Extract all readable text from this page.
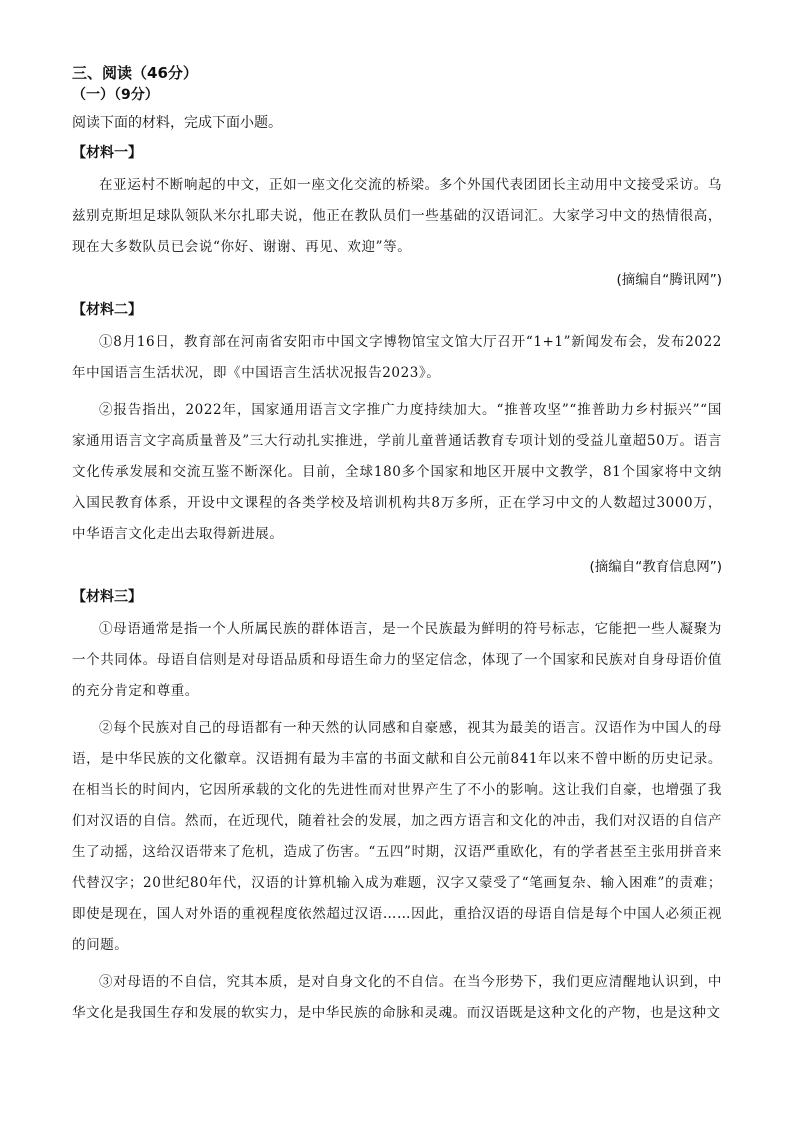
三、阅读（46分）

（一）（9分）

阅读下面的材料，完成下面小题。

【材料一】

在亚运村不断响起的中文，正如一座文化交流的桥梁。多个外国代表团团长主动用中文接受采访。乌兹别克斯坦足球队领队米尔扎耶夫说，他正在教队员们一些基础的汉语词汇。大家学习中文的热情很高，现在大多数队员已会说“你好、谢谢、再见、欢迎”等。

(摘编自“腾讯网”)

【材料二】

①8月16日，教育部在河南省安阳市中国文字博物馆宝文馆大厅召开“1+1”新闻发布会，发布2022年中国语言生活状况，即《中国语言生活状况报告2023》。

②报告指出，2022年，国家通用语言文字推广力度持续加大。“推普攻坚”“推普助力乡村振兴”“国家通用语言文字高质量普及”三大行动扎实推进，学前儿童普通话教育专项计划的受益儿童超50万。语言文化传承发展和交流互鉴不断深化。目前，全球180多个国家和地区开展中文教学，81个国家将中文纳入国民教育体系，开设中文课程的各类学校及培训机构共8万多所，正在学习中文的人数超过3000万，中华语言文化走出去取得新进展。

(摘编自“教育信息网”)

【材料三】

①母语通常是指一个人所属民族的群体语言，是一个民族最为鲜明的符号标志，它能把一些人凝聚为一个共同体。母语自信则是对母语品质和母语生命力的坚定信念，体现了一个国家和民族对自身母语价值的充分肯定和尊重。

②每个民族对自己的母语都有一种天然的认同感和自豪感，视其为最美的语言。汉语作为中国人的母语，是中华民族的文化徽章。汉语拥有最为丰富的书面文献和自公元前841年以来不曾中断的历史记录。在相当长的时间内，它因所承载的文化的先进性而对世界产生了不小的影响。这让我们自豪，也增强了我们对汉语的自信。然而，在近现代，随着社会的发展，加之西方语言和文化的冲击，我们对汉语的自信产生了动摇，这给汉语带来了危机，造成了伤害。“五四”时期，汉语严重欧化，有的学者甚至主张用拼音来代替汉字；20世纪80年代，汉语的计算机输入成为难题，汉字又蒙受了“笔画复杂、输入困难”的责难；即使是现在，国人对外语的重视程度依然超过汉语……因此，重拾汉语的母语自信是每个中国人必须正视的问题。

③对母语的不自信，究其本质，是对自身文化的不自信。在当今形势下，我们更应清醒地认识到，中华文化是我国生存和发展的软实力，是中华民族的命脉和灵魂。而汉语既是这种文化的产物，也是这种文
